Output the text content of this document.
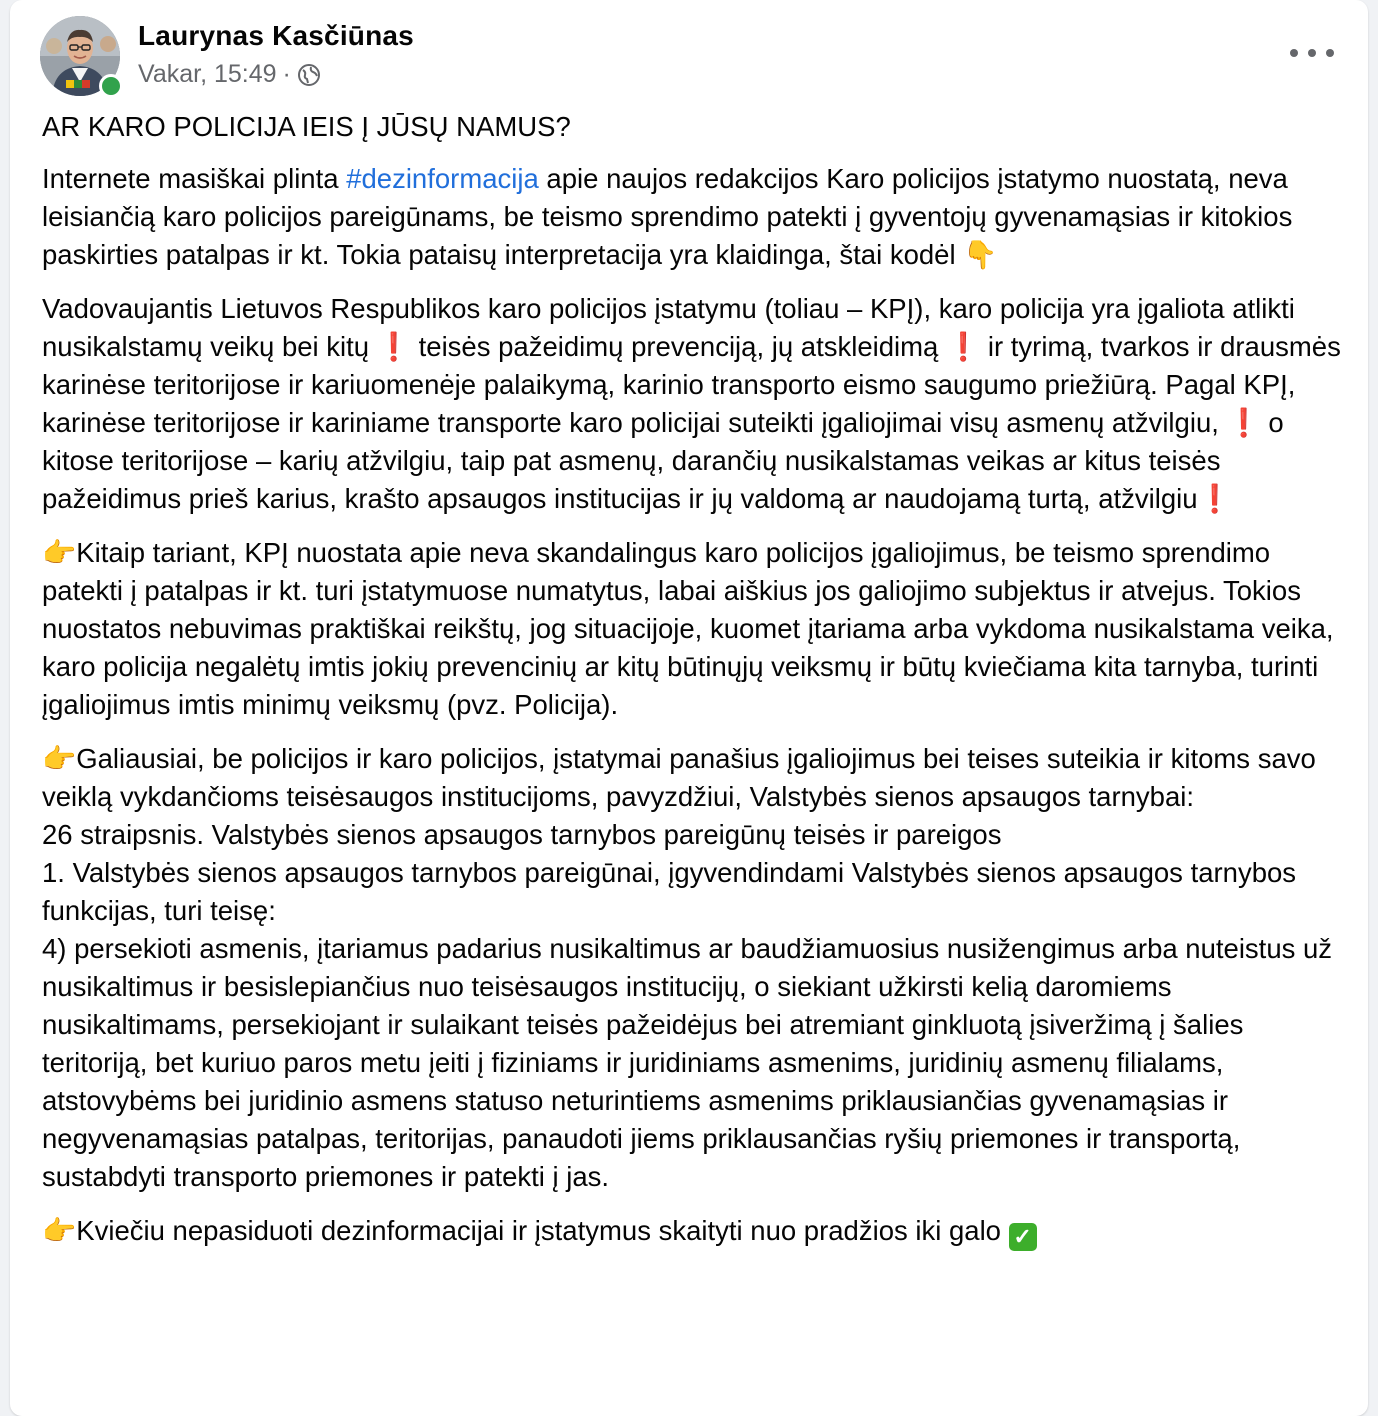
Laurynas Kasčiūnas
Vakar, 15:49 ·

AR KARO POLICIJA IEIS Į JŪSŲ NAMUS?

Internete masiškai plinta #dezinformacija apie naujos redakcijos Karo policijos įstatymo nuostatą, neva leisiančią karo policijos pareigūnams, be teismo sprendimo patekti į gyventojų gyvenamąsias ir kitokios paskirties patalpas ir kt. Tokia pataisų interpretacija yra klaidinga, štai kodėl 👇

Vadovaujantis Lietuvos Respublikos karo policijos įstatymu (toliau – KPĮ), karo policija yra įgaliota atlikti nusikalstamų veikų bei kitų ❗ teisės pažeidimų prevenciją, jų atskleidimą ❗ ir tyrimą, tvarkos ir drausmės karinėse teritorijose ir kariuomenėje palaikymą, karinio transporto eismo saugumo priežiūrą. Pagal KPĮ, karinėse teritorijose ir kariniame transporte karo policijai suteikti įgaliojimai visų asmenų atžvilgiu, ❗ o kitose teritorijose – karių atžvilgiu, taip pat asmenų, darančių nusikalstamas veikas ar kitus teisės pažeidimus prieš karius, krašto apsaugos institucijas ir jų valdomą ar naudojamą turtą, atžvilgiu❗

👉Kitaip tariant, KPĮ nuostata apie neva skandalingus karo policijos įgaliojimus, be teismo sprendimo patekti į patalpas ir kt. turi įstatymuose numatytus, labai aiškius jos galiojimo subjektus ir atvejus. Tokios nuostatos nebuvimas praktiškai reikštų, jog situacijoje, kuomet įtariama arba vykdoma nusikalstama veika, karo policija negalėtų imtis jokių prevencinių ar kitų būtinųjų veiksmų ir būtų kviečiama kita tarnyba, turinti įgaliojimus imtis minimų veiksmų (pvz. Policija).

👉Galiausiai, be policijos ir karo policijos, įstatymai panašius įgaliojimus bei teises suteikia ir kitoms savo veiklą vykdančioms teisėsaugos institucijoms, pavyzdžiui, Valstybės sienos apsaugos tarnybai:
26 straipsnis. Valstybės sienos apsaugos tarnybos pareigūnų teisės ir pareigos
1. Valstybės sienos apsaugos tarnybos pareigūnai, įgyvendindami Valstybės sienos apsaugos tarnybos funkcijas, turi teisę:
4) persekioti asmenis, įtariamus padarius nusikaltimus ar baudžiamuosius nusižengimus arba nuteistus už nusikaltimus ir besislepiančius nuo teisėsaugos institucijų, o siekiant užkirsti kelią daromiems nusikaltimams, persekiojant ir sulaikant teisės pažeidėjus bei atremiant ginkluotą įsiveržimą į šalies teritoriją, bet kuriuo paros metu įeiti į fiziniams ir juridiniams asmenims, juridinių asmenų filialams, atstovybėms bei juridinio asmens statuso neturintiems asmenims priklausiančias gyvenamąsias ir negyvenamąsias patalpas, teritorijas, panaudoti jiems priklausančias ryšių priemones ir transportą, sustabdyti transporto priemones ir patekti į jas.

👉Kviečiu nepasiduoti dezinformacijai ir įstatymus skaityti nuo pradžios iki galo ✓
